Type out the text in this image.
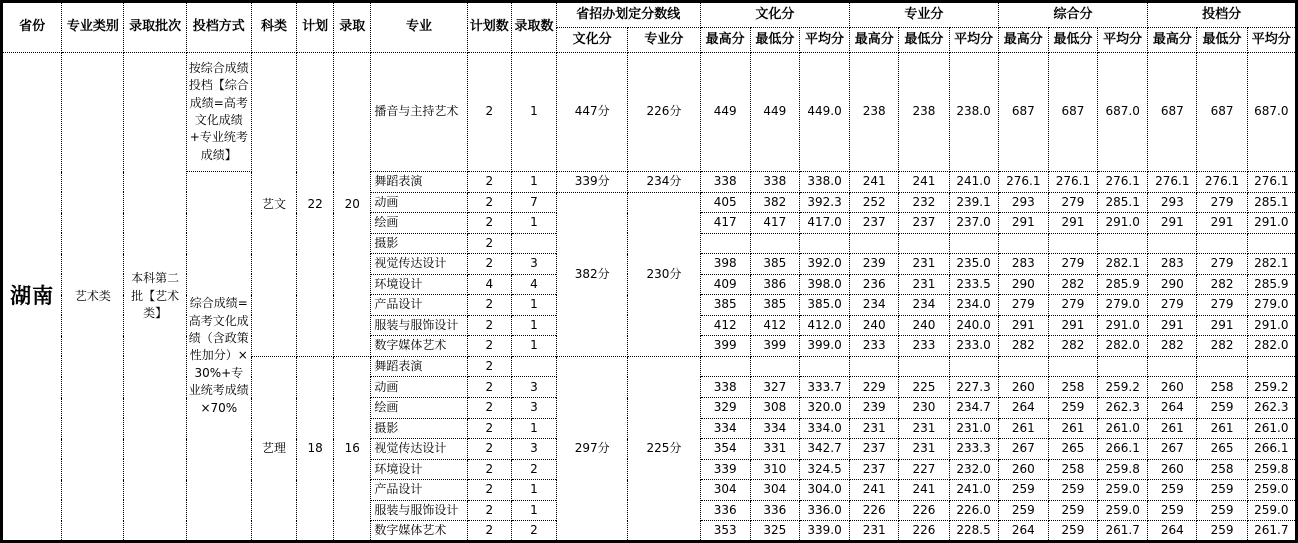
省份	专业类别	录取批次	投档方式	科类	计划	录取	专业	计划数	录取数	省招办划定分数线		文化分			专业分			综合分			投档分		
										文化分	专业分	最高分	最低分	平均分	最高分	最低分	平均分	最高分	最低分	平均分	最高分	最低分	平均分
湖南	艺术类	本科第二批【艺术类】	按综合成绩投档【综合成绩=高考文化成绩+专业统考成绩】	艺文	22	20	播音与主持艺术	2	1	447分	226分	449	449	449.0	238	238	238.0	687	687	687.0	687	687	687.0
			综合成绩=高考文化成绩（含政策性加分）×30%+专业统考成绩×70%				舞蹈表演	2	1	339分	234分	338	338	338.0	241	241	241.0	276.1	276.1	276.1	276.1	276.1	276.1
							动画	2	7	382分	230分	405	382	392.3	252	232	239.1	293	279	285.1	293	279	285.1
							绘画	2	1			417	417	417.0	237	237	237.0	291	291	291.0	291	291	291.0
							摄影	2															
							视觉传达设计	2	3			398	385	392.0	239	231	235.0	283	279	282.1	283	279	282.1
							环境设计	4	4			409	386	398.0	236	231	233.5	290	282	285.9	290	282	285.9
							产品设计	2	1			385	385	385.0	234	234	234.0	279	279	279.0	279	279	279.0
							服装与服饰设计	2	1			412	412	412.0	240	240	240.0	291	291	291.0	291	291	291.0
							数字媒体艺术	2	1			399	399	399.0	233	233	233.0	282	282	282.0	282	282	282.0
				艺理	18	16	舞蹈表演	2		297分	225分												
							动画	2	3			338	327	333.7	229	225	227.3	260	258	259.2	260	258	259.2
							绘画	2	3			329	308	320.0	239	230	234.7	264	259	262.3	264	259	262.3
							摄影	2	1			334	334	334.0	231	231	231.0	261	261	261.0	261	261	261.0
							视觉传达设计	2	3			354	331	342.7	237	231	233.3	267	265	266.1	267	265	266.1
							环境设计	2	2			339	310	324.5	237	227	232.0	260	258	259.8	260	258	259.8
							产品设计	2	1			304	304	304.0	241	241	241.0	259	259	259.0	259	259	259.0
							服装与服饰设计	2	1			336	336	336.0	226	226	226.0	259	259	259.0	259	259	259.0
							数字媒体艺术	2	2			353	325	339.0	231	226	228.5	264	259	261.7	264	259	261.7
